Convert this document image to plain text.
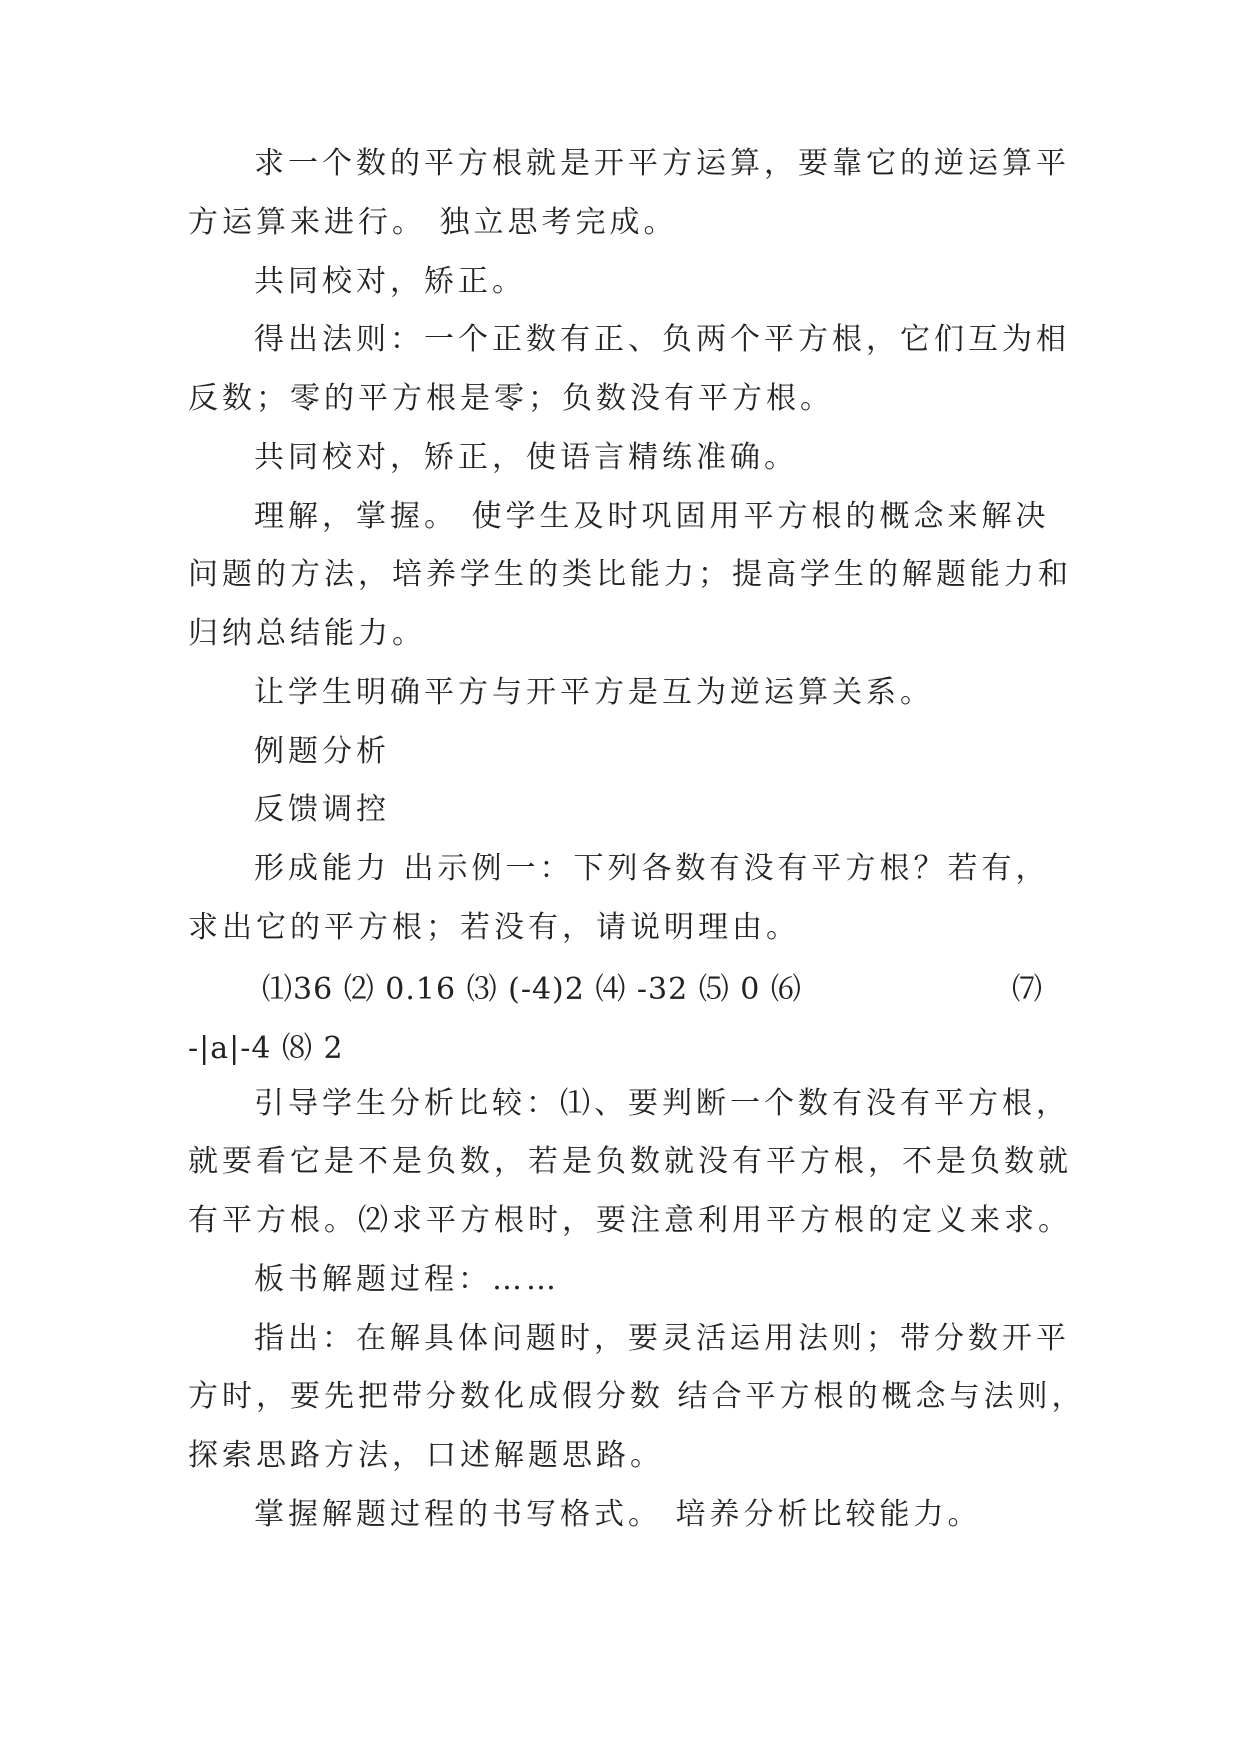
求一个数的平方根就是开平方运算，要靠它的逆运算平
方运算来进行。 独立思考完成。
共同校对，矫正。
得出法则：一个正数有正、负两个平方根，它们互为相
反数；零的平方根是零；负数没有平方根。
共同校对，矫正，使语言精练准确。
理解，掌握。 使学生及时巩固用平方根的概念来解决
问题的方法，培养学生的类比能力；提高学生的解题能力和
归纳总结能力。
让学生明确平方与开平方是互为逆运算关系。
例题分析
反馈调控
形成能力 出示例一：下列各数有没有平方根？若有，
求出它的平方根；若没有，请说明理由。
⑴36 ⑵ 0.16 ⑶ (-4)2 ⑷ -32 ⑸ 0 ⑹	⑺
-|a|-4 ⑻ 2
引导学生分析比较：⑴、要判断一个数有没有平方根，
就要看它是不是负数，若是负数就没有平方根，不是负数就
有平方根。⑵求平方根时，要注意利用平方根的定义来求。
板书解题过程：……
指出：在解具体问题时，要灵活运用法则；带分数开平
方时，要先把带分数化成假分数 结合平方根的概念与法则，
探索思路方法，口述解题思路。
掌握解题过程的书写格式。 培养分析比较能力。
